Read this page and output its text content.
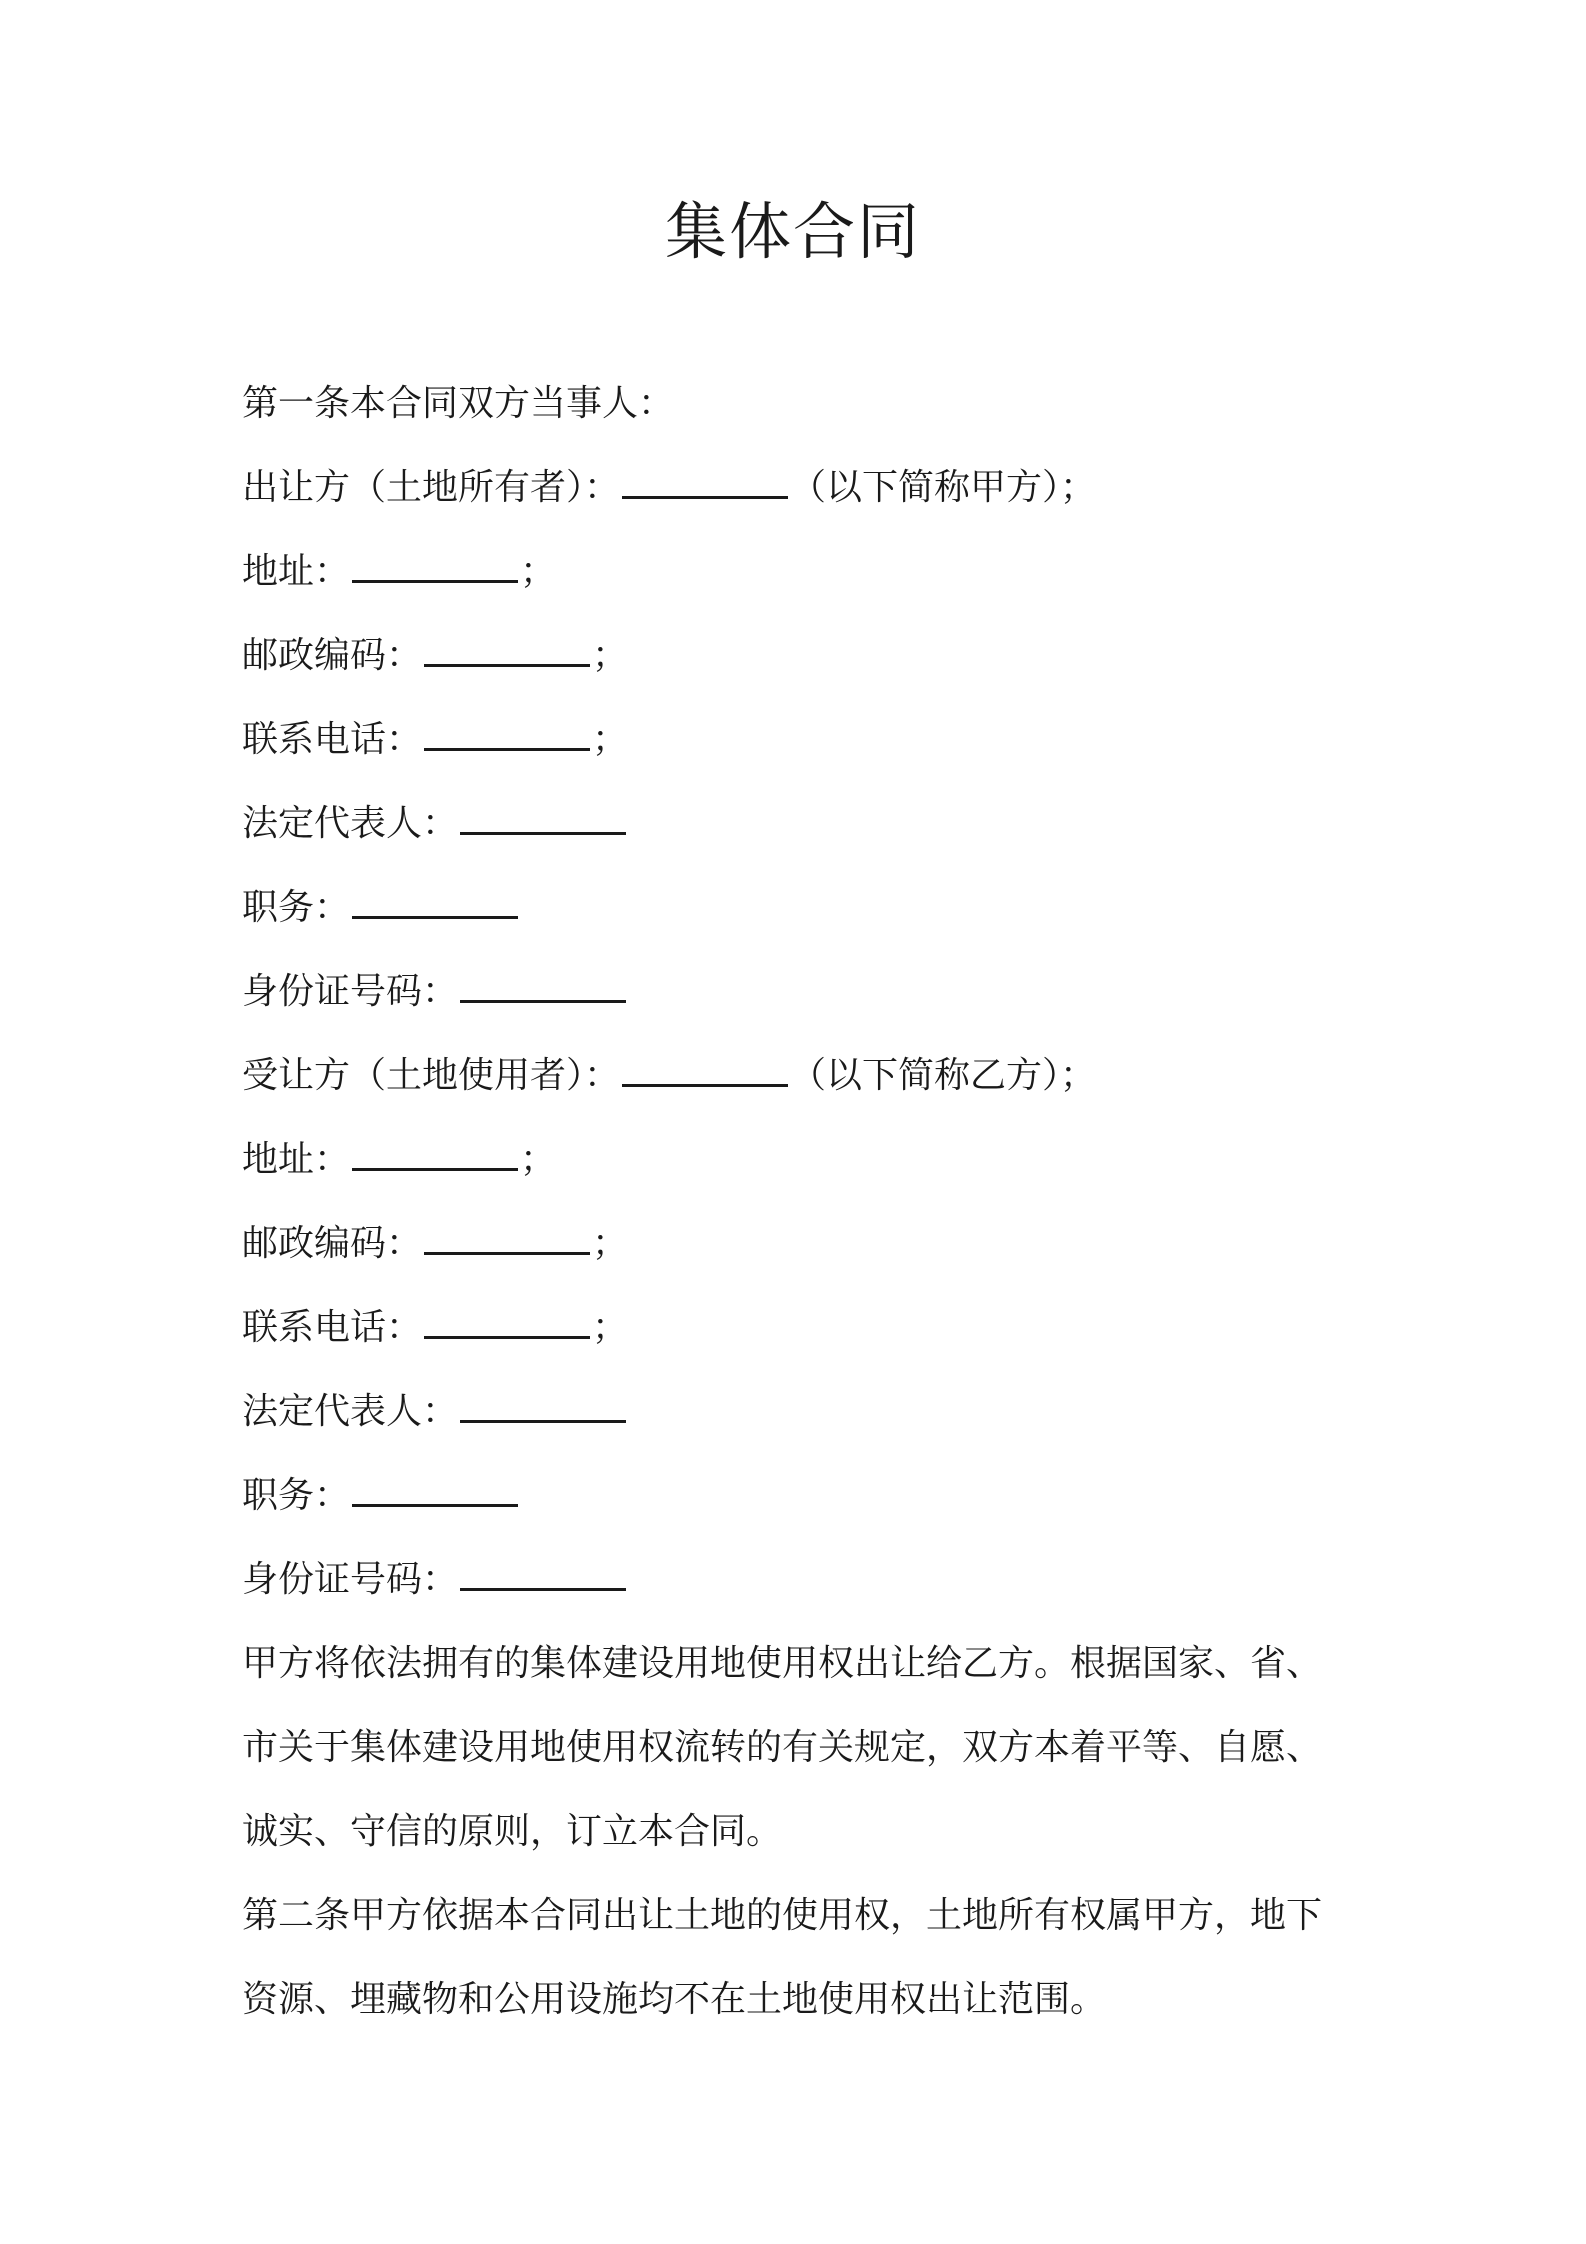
集体合同
第一条本合同双方当事人：
出让方（土地所有者）：	（以下简称甲方）；
地址：	；
邮政编码：	；
联系电话：	；
法定代表人：
职务：
身份证号码：
受让方（土地使用者）：	（以下简称乙方）；
地址：	；
邮政编码：	；
联系电话：	；
法定代表人：
职务：
身份证号码：
甲方将依法拥有的集体建设用地使用权出让给乙方。根据国家、省、
市关于集体建设用地使用权流转的有关规定，双方本着平等、自愿、
诚实、守信的原则，订立本合同。
第二条甲方依据本合同出让土地的使用权，土地所有权属甲方，地下
资源、埋藏物和公用设施均不在土地使用权出让范围。
